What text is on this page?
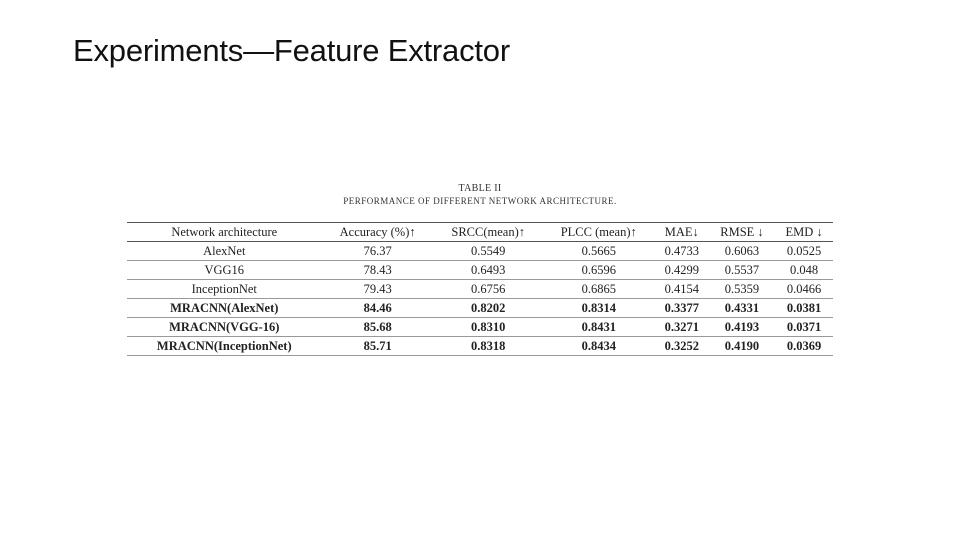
Experiments—Feature Extractor
TABLE II
PERFORMANCE OF DIFFERENT NETWORK ARCHITECTURE.
Network architecture	Accuracy (%)↑	SRCC(mean)↑	PLCC (mean)↑	MAE↓	RMSE ↓	EMD ↓
AlexNet	76.37	0.5549	0.5665	0.4733	0.6063	0.0525
VGG16	78.43	0.6493	0.6596	0.4299	0.5537	0.048
InceptionNet	79.43	0.6756	0.6865	0.4154	0.5359	0.0466
MRACNN(AlexNet)	84.46	0.8202	0.8314	0.3377	0.4331	0.0381
MRACNN(VGG-16)	85.68	0.8310	0.8431	0.3271	0.4193	0.0371
MRACNN(InceptionNet)	85.71	0.8318	0.8434	0.3252	0.4190	0.0369
